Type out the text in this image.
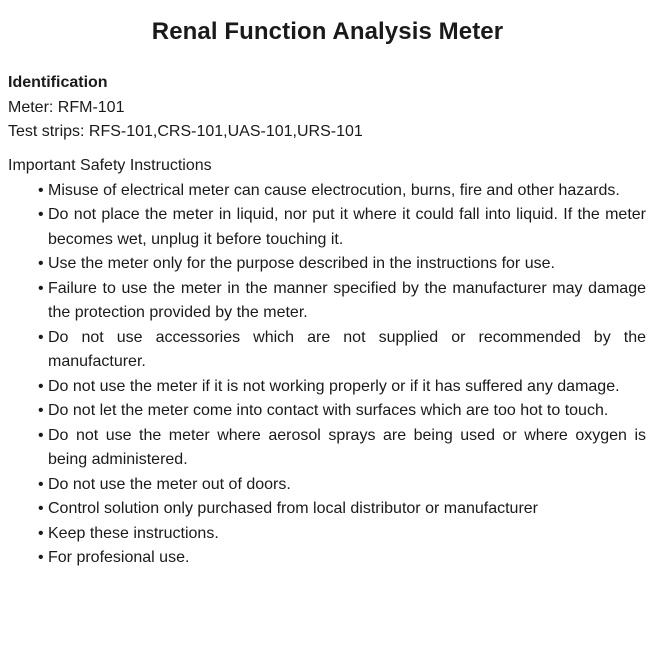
Renal Function Analysis Meter
Identification
Meter: RFM-101
Test strips: RFS-101,CRS-101,UAS-101,URS-101
Important Safety Instructions
• Misuse of electrical meter can cause electrocution, burns, fire and other hazards.
• Do not place the meter in liquid, nor put it where it could fall into liquid. If the meter becomes wet, unplug it before touching it.
• Use the meter only for the purpose described in the instructions for use.
• Failure to use the meter in the manner specified by the manufacturer may damage the protection provided by the meter.
• Do not use accessories which are not supplied or recommended by the manufacturer.
• Do not use the meter if it is not working properly or if it has suffered any damage.
• Do not let the meter come into contact with surfaces which are too hot to touch.
• Do not use the meter where aerosol sprays are being used or where oxygen is being administered.
• Do not use the meter out of doors.
• Control solution only purchased from local distributor or manufacturer
• Keep these instructions.
• For profesional use.
